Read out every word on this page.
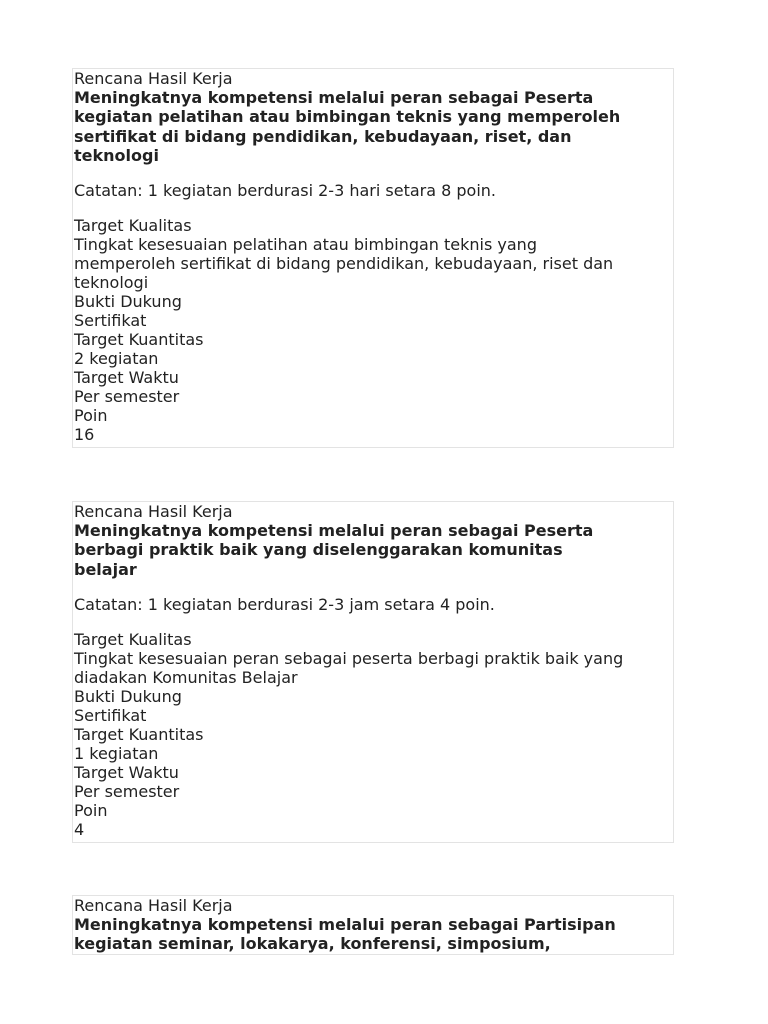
Rencana Hasil Kerja

Meningkatnya kompetensi melalui peran sebagai Peserta
kegiatan pelatihan atau bimbingan teknis yang memperoleh
sertifikat di bidang pendidikan, kebudayaan, riset, dan
teknologi

Catatan: 1 kegiatan berdurasi 2-3 hari setara 8 poin.

Target Kualitas

Tingkat kesesuaian pelatihan atau bimbingan teknis yang
memperoleh sertifikat di bidang pendidikan, kebudayaan, riset dan
teknologi

Bukti Dukung

Sertifikat

Target Kuantitas

2 kegiatan

Target Waktu

Per semester

Poin

16

Rencana Hasil Kerja

Meningkatnya kompetensi melalui peran sebagai Peserta
berbagi praktik baik yang diselenggarakan komunitas
belajar

Catatan: 1 kegiatan berdurasi 2-3 jam setara 4 poin.

Target Kualitas

Tingkat kesesuaian peran sebagai peserta berbagi praktik baik yang
diadakan Komunitas Belajar

Bukti Dukung

Sertifikat

Target Kuantitas

1 kegiatan

Target Waktu

Per semester

Poin

4

Rencana Hasil Kerja

Meningkatnya kompetensi melalui peran sebagai Partisipan
kegiatan seminar, lokakarya, konferensi, simposium,
